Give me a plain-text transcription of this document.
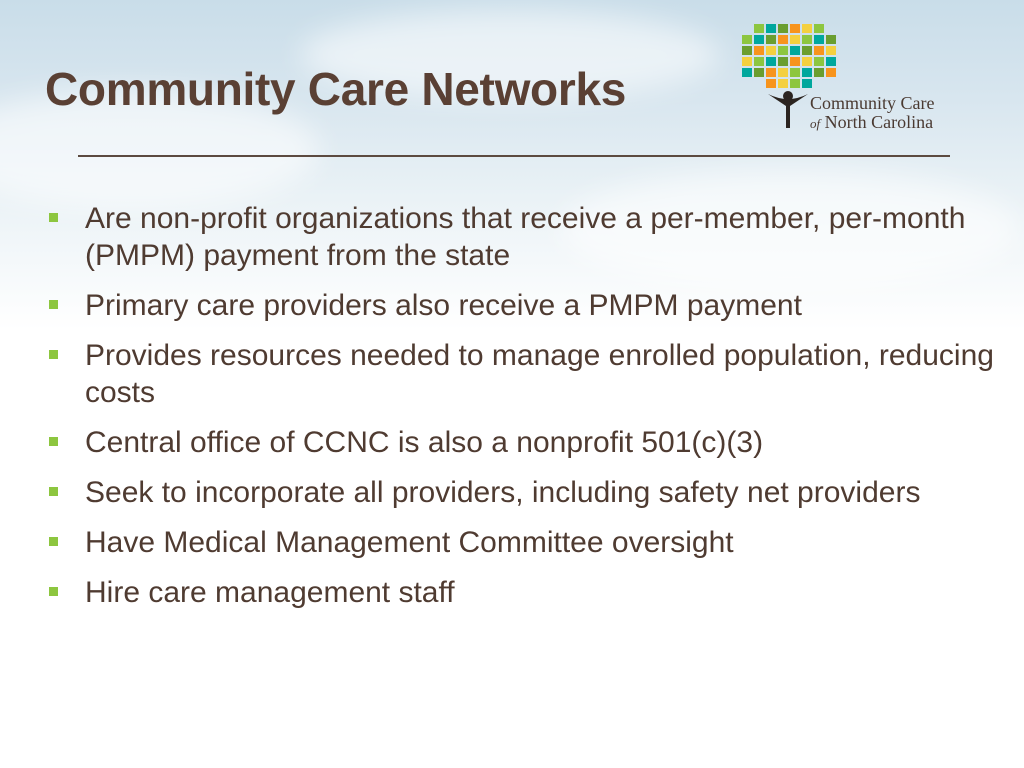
Community Care Networks	Community Care
of North Carolina
Are non-profit organizations that receive a per-member, per-month (PMPM) payment from the state
Primary care providers also receive a PMPM payment
Provides resources needed to manage enrolled population, reducing costs
Central office of CCNC is also a nonprofit 501(c)(3)
Seek to incorporate all providers, including safety net providers
Have Medical Management Committee oversight
Hire care management staff
